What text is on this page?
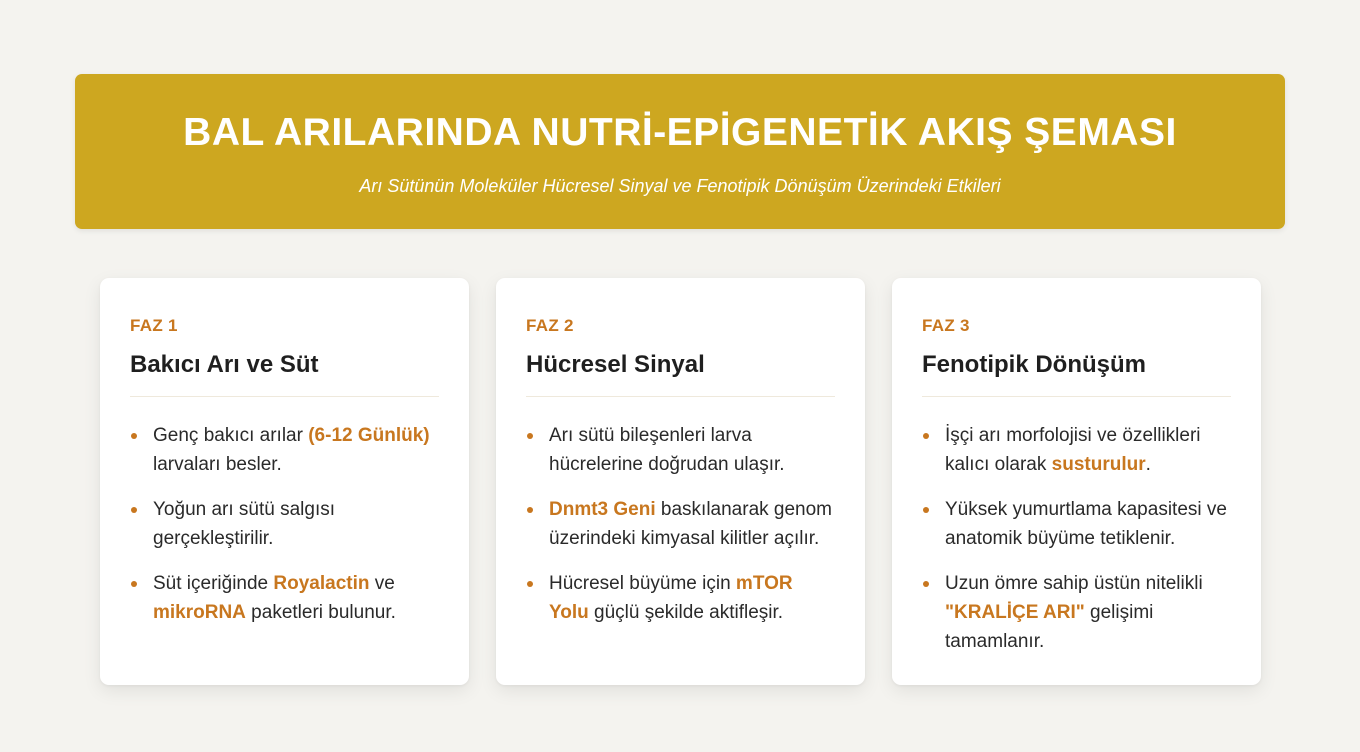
BAL ARILARINDA NUTRİ-EPİGENETİK AKIŞ ŞEMASI

Arı Sütünün Moleküler Hücresel Sinyal ve Fenotipik Dönüşüm Üzerindeki Etkileri

FAZ 1
Bakıcı Arı ve Süt
Genç bakıcı arılar (6-12 Günlük) larvaları besler.
Yoğun arı sütü salgısı gerçekleştirilir.
Süt içeriğinde Royalactin ve mikroRNA paketleri bulunur.
FAZ 2
Hücresel Sinyal
Arı sütü bileşenleri larva hücrelerine doğrudan ulaşır.
Dnmt3 Geni baskılanarak genom üzerindeki kimyasal kilitler açılır.
Hücresel büyüme için mTOR Yolu güçlü şekilde aktifleşir.
FAZ 3
Fenotipik Dönüşüm
İşçi arı morfolojisi ve özellikleri kalıcı olarak susturulur.
Yüksek yumurtlama kapasitesi ve anatomik büyüme tetiklenir.
Uzun ömre sahip üstün nitelikli "KRALİÇE ARI" gelişimi tamamlanır.
